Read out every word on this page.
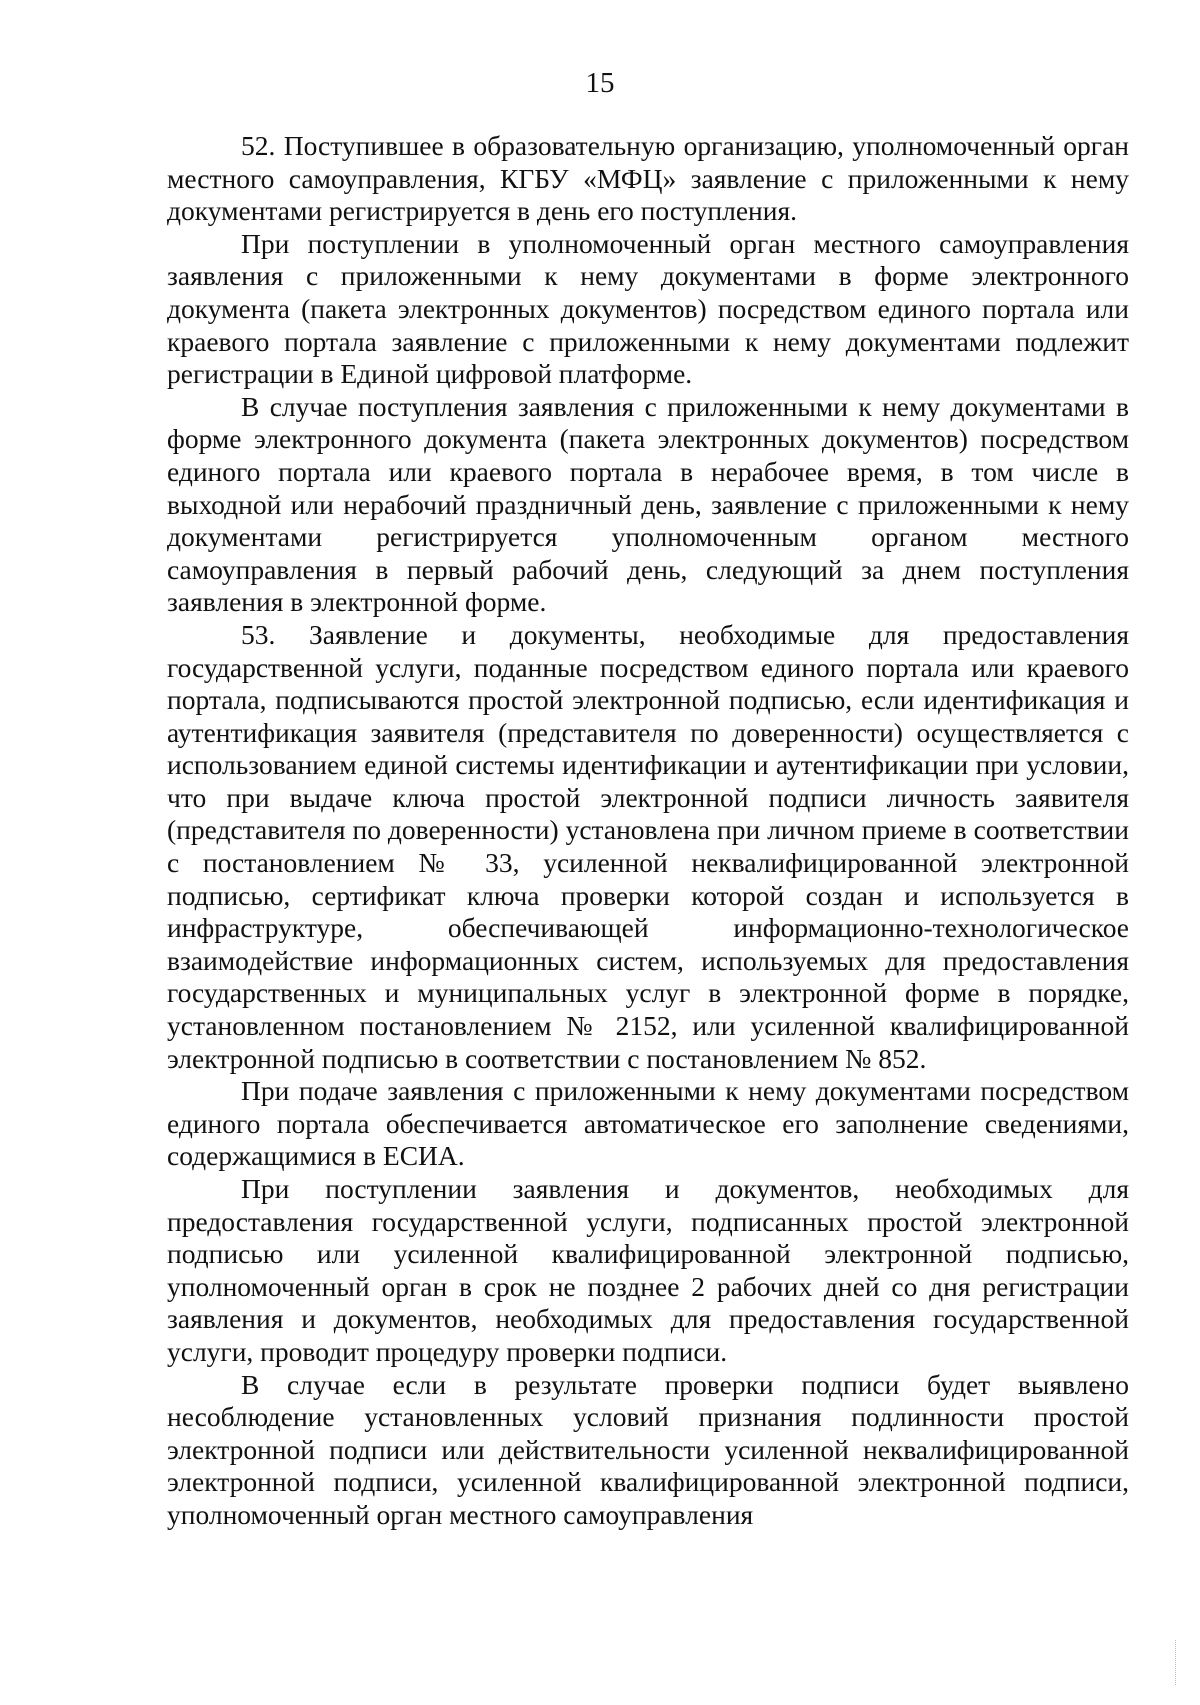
15

52. Поступившее в образовательную организацию, уполномоченный орган местного самоуправления, КГБУ «МФЦ» заявление с приложенными к нему документами регистрируется в день его поступления.

При поступлении в уполномоченный орган местного самоуправления заявления с приложенными к нему документами в форме электронного документа (пакета электронных документов) посредством единого портала или краевого портала заявление с приложенными к нему документами подлежит регистрации в Единой цифровой платформе.

В случае поступления заявления с приложенными к нему документами в форме электронного документа (пакета электронных документов) посредством единого портала или краевого портала в нерабочее время, в том числе в выходной или нерабочий праздничный день, заявление с приложенными к нему документами регистрируется уполномоченным органом местного самоуправления в первый рабочий день, следующий за днем поступления заявления в электронной форме.

53. Заявление и документы, необходимые для предоставления государственной услуги, поданные посредством единого портала или краевого портала, подписываются простой электронной подписью, если идентификация и аутентификация заявителя (представителя по доверенности) осуществляется с использованием единой системы идентификации и аутентификации при условии, что при выдаче ключа простой электронной подписи личность заявителя (представителя по доверенности) установлена при личном приеме в соответствии с постановлением № 33, усиленной неквалифицированной электронной подписью, сертификат ключа проверки которой создан и используется в инфраструктуре, обеспечивающей информационно-технологическое взаимодействие информационных систем, используемых для предоставления государственных и муниципальных услуг в электронной форме в порядке, установленном постановлением № 2152, или усиленной квалифицированной электронной подписью в соответствии с постановлением № 852.

При подаче заявления с приложенными к нему документами посредством единого портала обеспечивается автоматическое его заполнение сведениями, содержащимися в ЕСИА.

При поступлении заявления и документов, необходимых для предоставления государственной услуги, подписанных простой электронной подписью или усиленной квалифицированной электронной подписью, уполномоченный орган в срок не позднее 2 рабочих дней со дня регистрации заявления и документов, необходимых для предоставления государственной услуги, проводит процедуру проверки подписи.

В случае если в результате проверки подписи будет выявлено несоблюдение установленных условий признания подлинности простой электронной подписи или действительности усиленной неквалифицированной электронной подписи, усиленной квалифицированной электронной подписи, уполномоченный орган местного самоуправления
